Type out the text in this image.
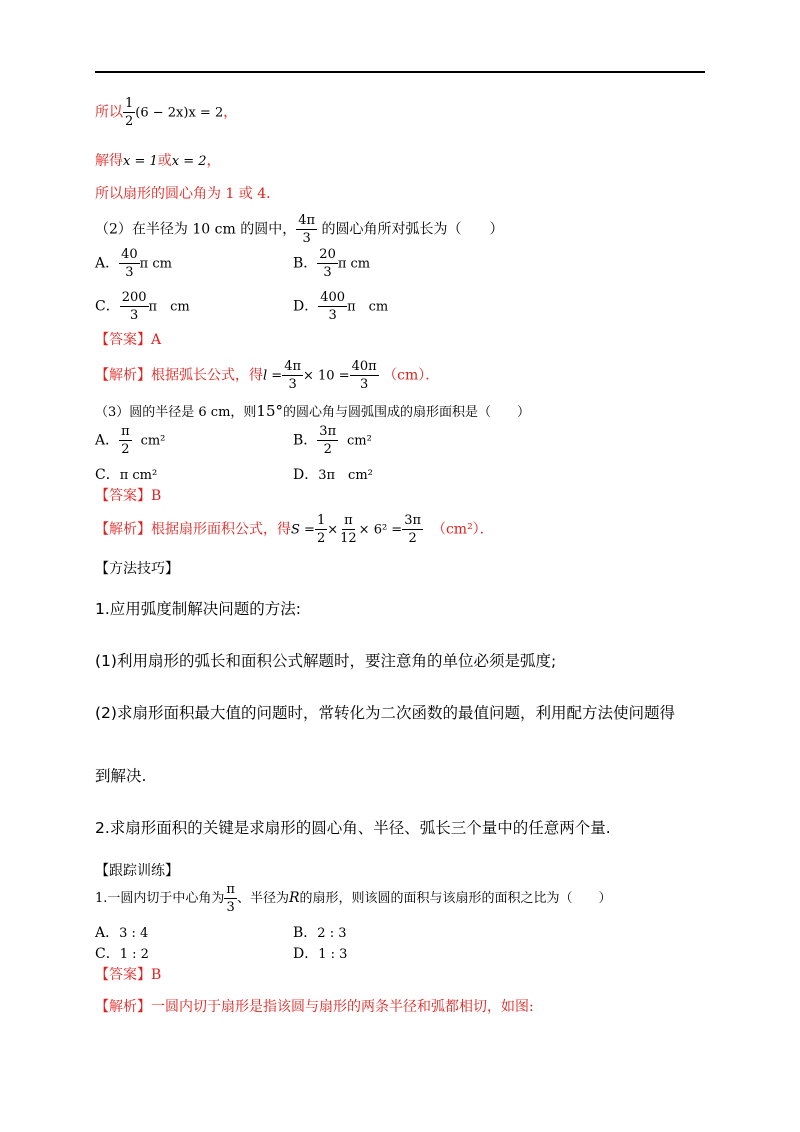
所以 $\frac{1}{2} (6 - 2x)x = 2$，
解得x = 1或x = 2，
所以扇形的圆心角为 1 或 4．
（2）在半径为 10 cm 的圆中， $\frac{4\pi}{3}$ 的圆心角所对弧长为（　　）
A． $\frac{40}{3}$ π cm	B． $\frac{20}{3}$ π cm
C． $\frac{200}{3}$ π　cm	D． $\frac{400}{3}$ π　cm
【答案】A
【解析】根据弧长公式，得$l = \frac{4\pi}{3} \times 10 = \frac{40\pi}{3} (cm)$．
（3）圆的半径是 6 cm，则15°的圆心角与圆弧围成的扇形面积是（　　）
A． $\frac{\pi}{2} cm^2$	B． $\frac{3\pi}{2} cm^2$
C．π cm²	D．3π　cm²
【答案】B
【解析】根据扇形面积公式，得$S = \frac{1}{2} \times \frac{\pi}{12} \times 6^2 = \frac{3\pi}{2} (cm^2)$．
【方法技巧】
1.应用弧度制解决问题的方法:
(1)利用扇形的弧长和面积公式解题时，要注意角的单位必须是弧度;
(2)求扇形面积最大值的问题时，常转化为二次函数的最值问题，利用配方法使问题得
到解决.
2.求扇形面积的关键是求扇形的圆心角、半径、弧长三个量中的任意两个量.
【跟踪训练】
1.一圆内切于中心角为 $\frac{\pi}{3}$ 、半径为R的扇形，则该圆的面积与该扇形的面积之比为（　　）
A．3 : 4	B．2 : 3
C．1 : 2	D．1 : 3
【答案】B
【解析】一圆内切于扇形是指该圆与扇形的两条半径和弧都相切，如图:
